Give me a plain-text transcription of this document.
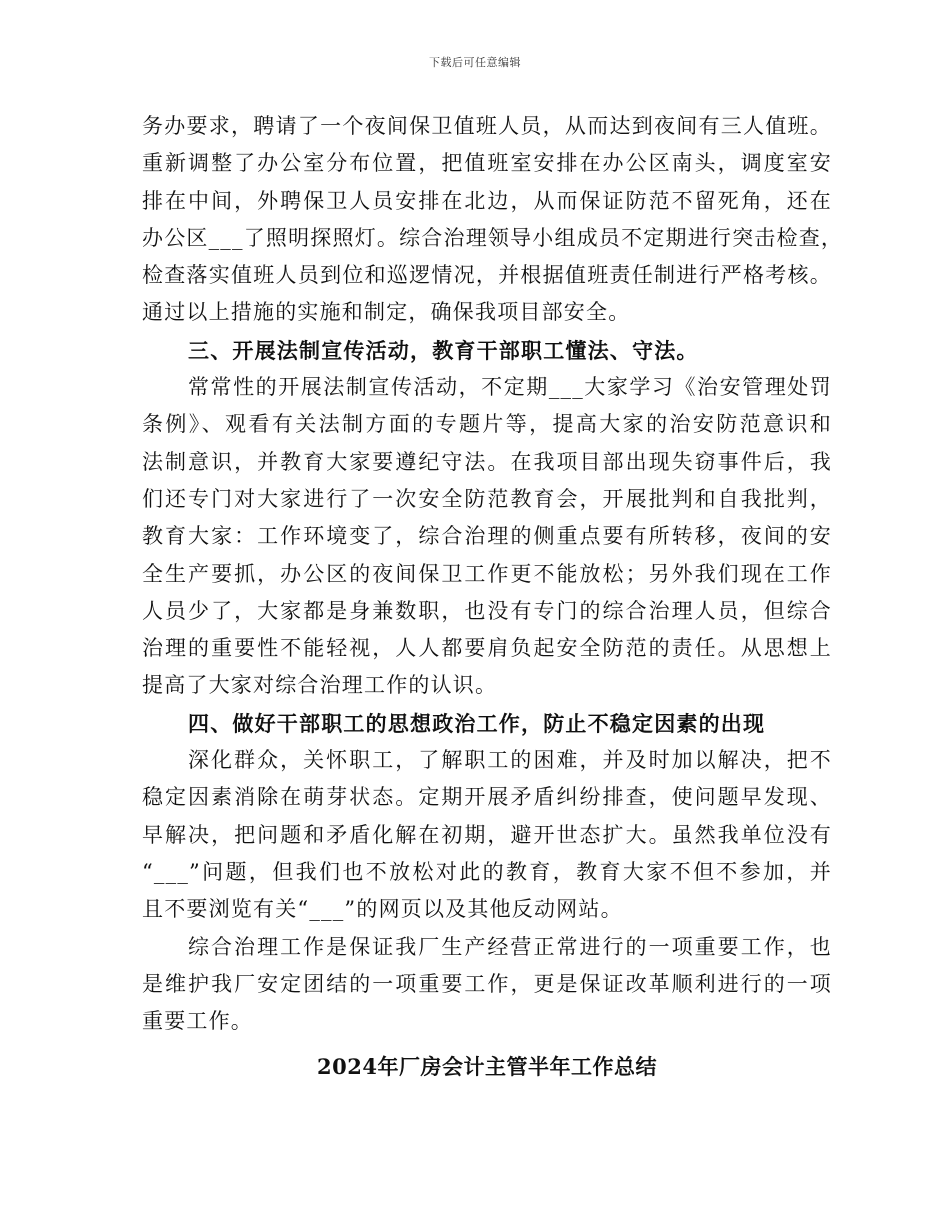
下载后可任意编辑
务办要求，聘请了一个夜间保卫值班人员，从而达到夜间有三人值班。
重新调整了办公室分布位置，把值班室安排在办公区南头，调度室安
排在中间，外聘保卫人员安排在北边，从而保证防范不留死角，还在
办公区___了照明探照灯。综合治理领导小组成员不定期进行突击检查，
检查落实值班人员到位和巡逻情况，并根据值班责任制进行严格考核。
通过以上措施的实施和制定，确保我项目部安全。
三、开展法制宣传活动，教育干部职工懂法、守法。
常常性的开展法制宣传活动，不定期___大家学习《治安管理处罚
条例》、观看有关法制方面的专题片等，提高大家的治安防范意识和
法制意识，并教育大家要遵纪守法。在我项目部出现失窃事件后，我
们还专门对大家进行了一次安全防范教育会，开展批判和自我批判，
教育大家：工作环境变了，综合治理的侧重点要有所转移，夜间的安
全生产要抓，办公区的夜间保卫工作更不能放松；另外我们现在工作
人员少了，大家都是身兼数职，也没有专门的综合治理人员，但综合
治理的重要性不能轻视，人人都要肩负起安全防范的责任。从思想上
提高了大家对综合治理工作的认识。
四、做好干部职工的思想政治工作，防止不稳定因素的出现
深化群众，关怀职工，了解职工的困难，并及时加以解决，把不
稳定因素消除在萌芽状态。定期开展矛盾纠纷排查，使问题早发现、
早解决，把问题和矛盾化解在初期，避开世态扩大。虽然我单位没有
“___”问题，但我们也不放松对此的教育，教育大家不但不参加，并
且不要浏览有关“___”的网页以及其他反动网站。
综合治理工作是保证我厂生产经营正常进行的一项重要工作，也
是维护我厂安定团结的一项重要工作，更是保证改革顺利进行的一项
重要工作。
2024年厂房会计主管半年工作总结
